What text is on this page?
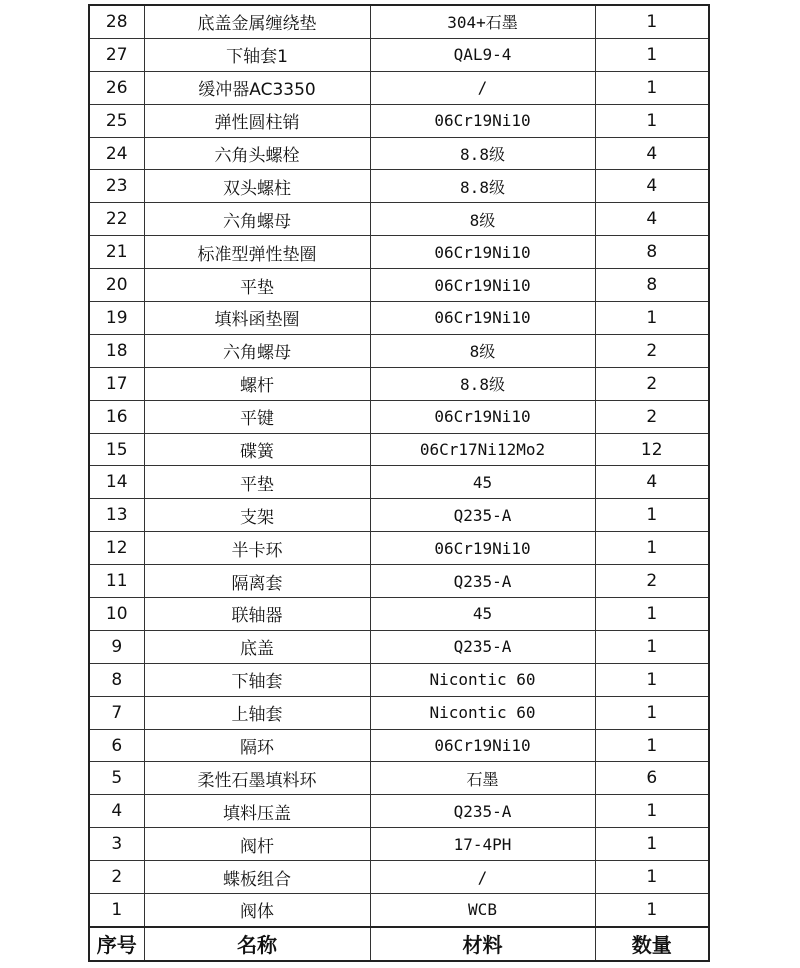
28	底盖金属缠绕垫	304+石墨	1
27	下轴套1	QAL9-4	1
26	缓冲器AC3350	/	1
25	弹性圆柱销	06Cr19Ni10	1
24	六角头螺栓	8.8级	4
23	双头螺柱	8.8级	4
22	六角螺母	8级	4
21	标准型弹性垫圈	06Cr19Ni10	8
20	平垫	06Cr19Ni10	8
19	填料函垫圈	06Cr19Ni10	1
18	六角螺母	8级	2
17	螺杆	8.8级	2
16	平键	06Cr19Ni10	2
15	碟簧	06Cr17Ni12Mo2	12
14	平垫	45	4
13	支架	Q235-A	1
12	半卡环	06Cr19Ni10	1
11	隔离套	Q235-A	2
10	联轴器	45	1
9	底盖	Q235-A	1
8	下轴套	Nicontic 60	1
7	上轴套	Nicontic 60	1
6	隔环	06Cr19Ni10	1
5	柔性石墨填料环	石墨	6
4	填料压盖	Q235-A	1
3	阀杆	17-4PH	1
2	蝶板组合	/	1
1	阀体	WCB	1
序号	名称	材料	数量
